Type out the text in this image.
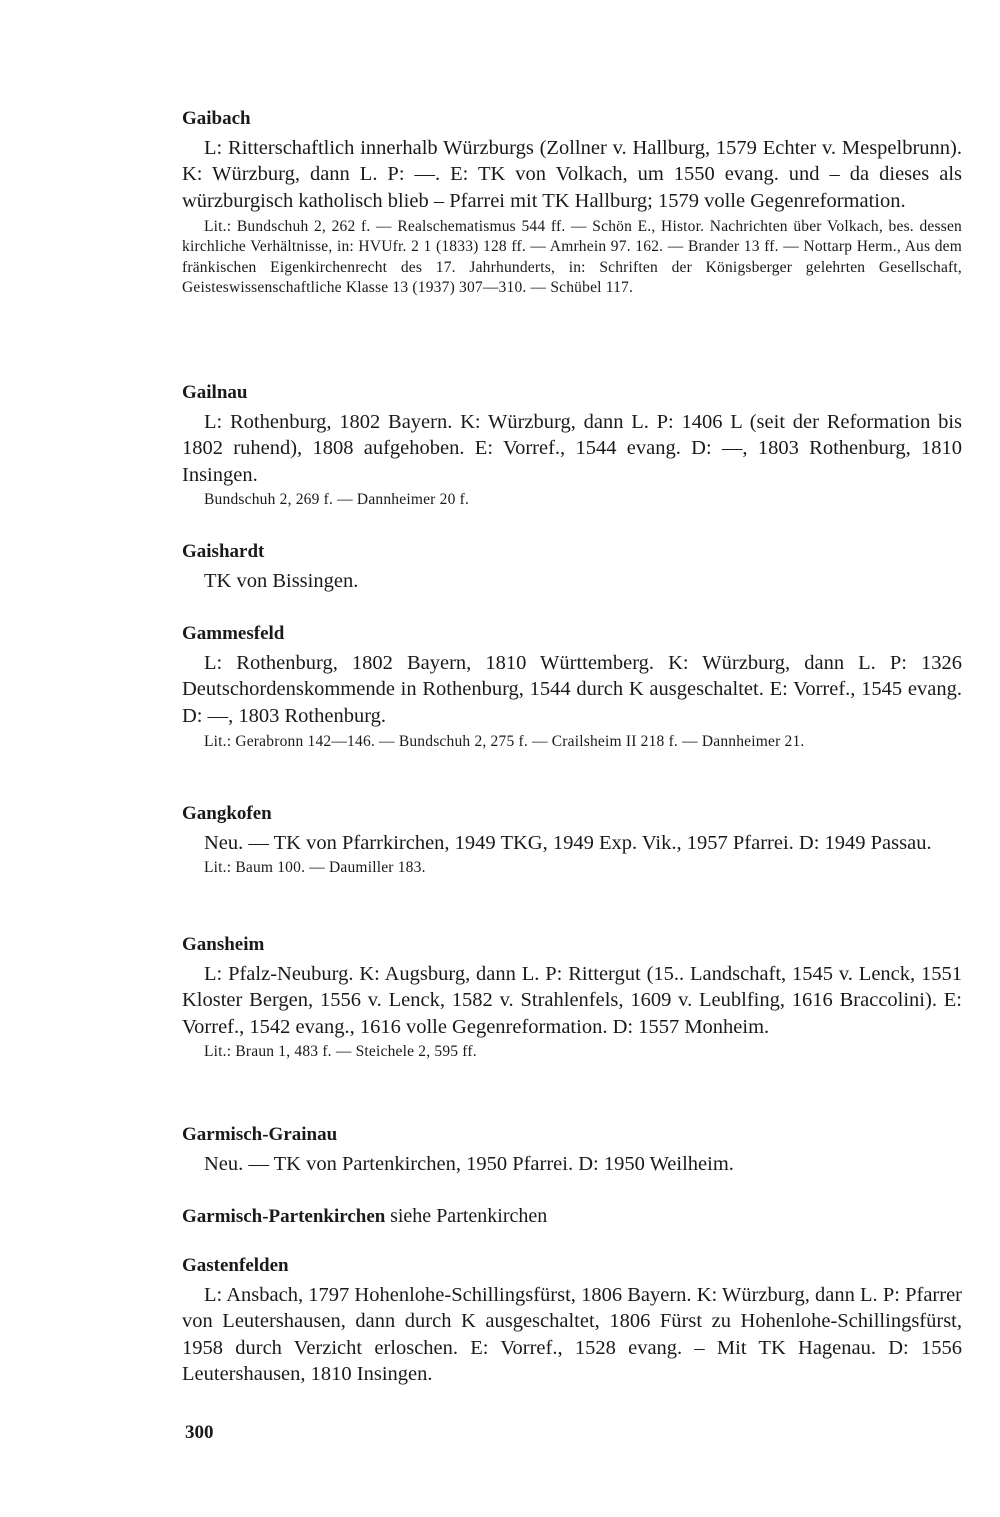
Gaibach

L: Ritterschaftlich innerhalb Würzburgs (Zollner v. Hallburg, 1579 Echter v. Mespelbrunn). K: Würzburg, dann L. P: —. E: TK von Volkach, um 1550 evang. und – da dieses als würzburgisch katholisch blieb – Pfarrei mit TK Hallburg; 1579 volle Gegenreformation.

Lit.: Bundschuh 2, 262 f. — Realschematismus 544 ff. — Schön E., Histor. Nachrichten über Volkach, bes. dessen kirchliche Verhältnisse, in: HVUfr. 2 1 (1833) 128 ff. — Amrhein 97. 162. — Brander 13 ff. — Nottarp Herm., Aus dem fränkischen Eigenkirchenrecht des 17. Jahrhunderts, in: Schriften der Königsberger gelehrten Gesellschaft, Geisteswissenschaftliche Klasse 13 (1937) 307—310. — Schübel 117.

Gailnau

L: Rothenburg, 1802 Bayern. K: Würzburg, dann L. P: 1406 L (seit der Reformation bis 1802 ruhend), 1808 aufgehoben. E: Vorref., 1544 evang. D: —, 1803 Rothenburg, 1810 Insingen.

Bundschuh 2, 269 f. — Dannheimer 20 f.

Gaishardt

TK von Bissingen.

Gammesfeld

L: Rothenburg, 1802 Bayern, 1810 Württemberg. K: Würzburg, dann L. P: 1326 Deutschordenskommende in Rothenburg, 1544 durch K ausgeschaltet. E: Vorref., 1545 evang. D: —, 1803 Rothenburg.

Lit.: Gerabronn 142—146. — Bundschuh 2, 275 f. — Crailsheim II 218 f. — Dannheimer 21.

Gangkofen

Neu. — TK von Pfarrkirchen, 1949 TKG, 1949 Exp. Vik., 1957 Pfarrei. D: 1949 Passau.

Lit.: Baum 100. — Daumiller 183.

Gansheim

L: Pfalz-Neuburg. K: Augsburg, dann L. P: Rittergut (15.. Landschaft, 1545 v. Lenck, 1551 Kloster Bergen, 1556 v. Lenck, 1582 v. Strahlenfels, 1609 v. Leublfing, 1616 Braccolini). E: Vorref., 1542 evang., 1616 volle Gegenreformation. D: 1557 Monheim.

Lit.: Braun 1, 483 f. — Steichele 2, 595 ff.

Garmisch-Grainau

Neu. — TK von Partenkirchen, 1950 Pfarrei. D: 1950 Weilheim.

Garmisch-Partenkirchen siehe Partenkirchen
Gastenfelden

L: Ansbach, 1797 Hohenlohe-Schillingsfürst, 1806 Bayern. K: Würzburg, dann L. P: Pfarrer von Leutershausen, dann durch K ausgeschaltet, 1806 Fürst zu Hohenlohe-Schillingsfürst, 1958 durch Verzicht erloschen. E: Vorref., 1528 evang. – Mit TK Hagenau. D: 1556 Leutershausen, 1810 Insingen.

300
